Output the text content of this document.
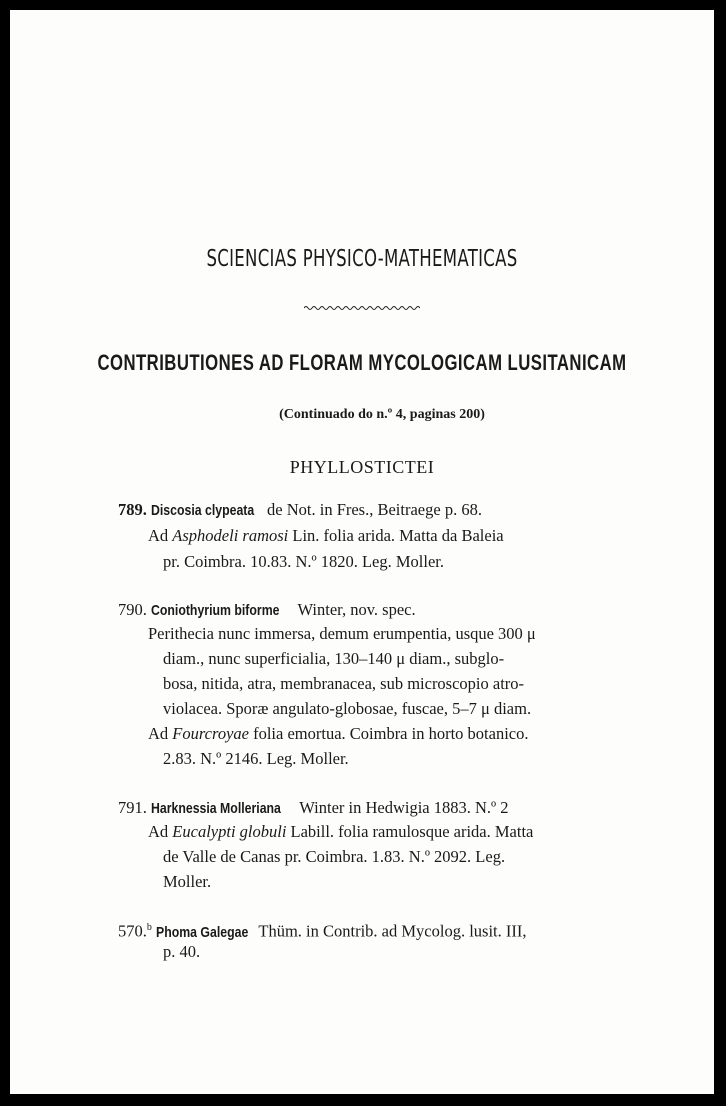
SCIENCIAS PHYSICO-MATHEMATICAS
CONTRIBUTIONES AD FLORAM MYCOLOGICAM LUSITANICAM
(Continuado do n.º 4, paginas 200)
PHYLLOSTICTEI
789. Discosia clypeata de Not. in Fres., Beitraege p. 68.
Ad Asphodeli ramosi Lin. folia arida. Matta da Baleia
pr. Coimbra. 10.83. N.º 1820. Leg. Moller.
790. Coniothyrium biforme Winter, nov. spec.
Perithecia nunc immersa, demum erumpentia, usque 300 μ
diam., nunc superficialia, 130–140 μ diam., subglo-
bosa, nitida, atra, membranacea, sub microscopio atro-
violacea. Sporæ angulato-globosae, fuscae, 5–7 μ diam.
Ad Fourcroyae folia emortua. Coimbra in horto botanico.
2.83. N.º 2146. Leg. Moller.
791. Harknessia Molleriana Winter in Hedwigia 1883. N.º 2
Ad Eucalypti globuli Labill. folia ramulosque arida. Matta
de Valle de Canas pr. Coimbra. 1.83. N.º 2092. Leg.
Moller.
570.$^b$ Phoma Galegae Thüm. in Contrib. ad Mycolog. lusit. III,
p. 40.
